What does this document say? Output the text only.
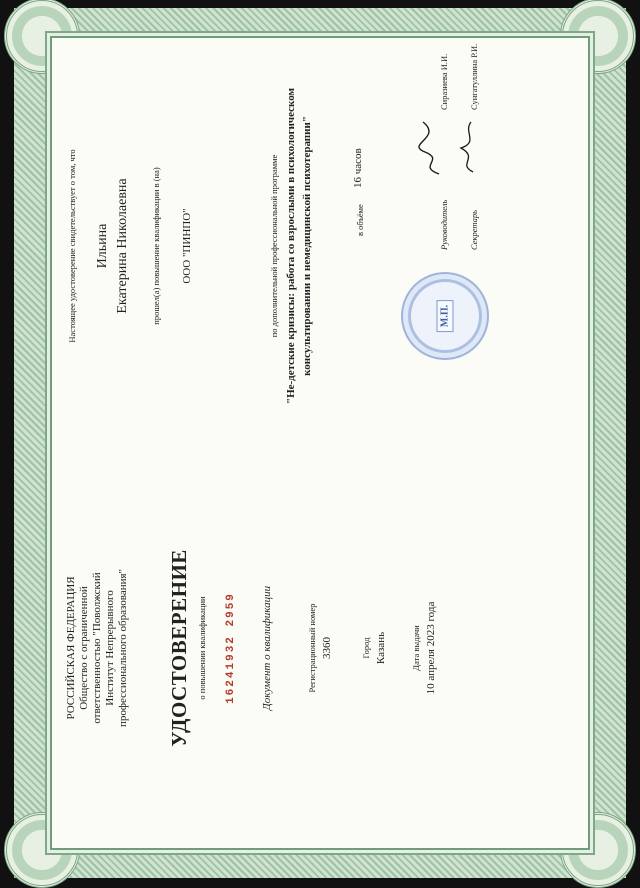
РОССИЙСКАЯ ФЕДЕРАЦИЯ Общество с ограниченной ответственностью "Поволжский Институт Непрерывного профессионального образования" УДОСТОВЕРЕНИЕ о повышении квалификации 16241932 2959 Документ о квалификации	Регистрационный номер 3360	Город Казань	Дата выдачи 10 апреля 2023 года
Настоящее удостоверение свидетельствует о том, что Ильина Екатерина Николаевна прошел(а) повышение квалификации в (на) ООО "ПИНПО"	по дополнительной профессиональной программе "Не-детские кризисы: работа со взрослыми в психологическом консультировании и немедицинской психотерапии"	в объёме
16 часов
М.П.
Руководитель
Сиразиева И.И.
Секретарь
Сунгатуллина Р.И.
